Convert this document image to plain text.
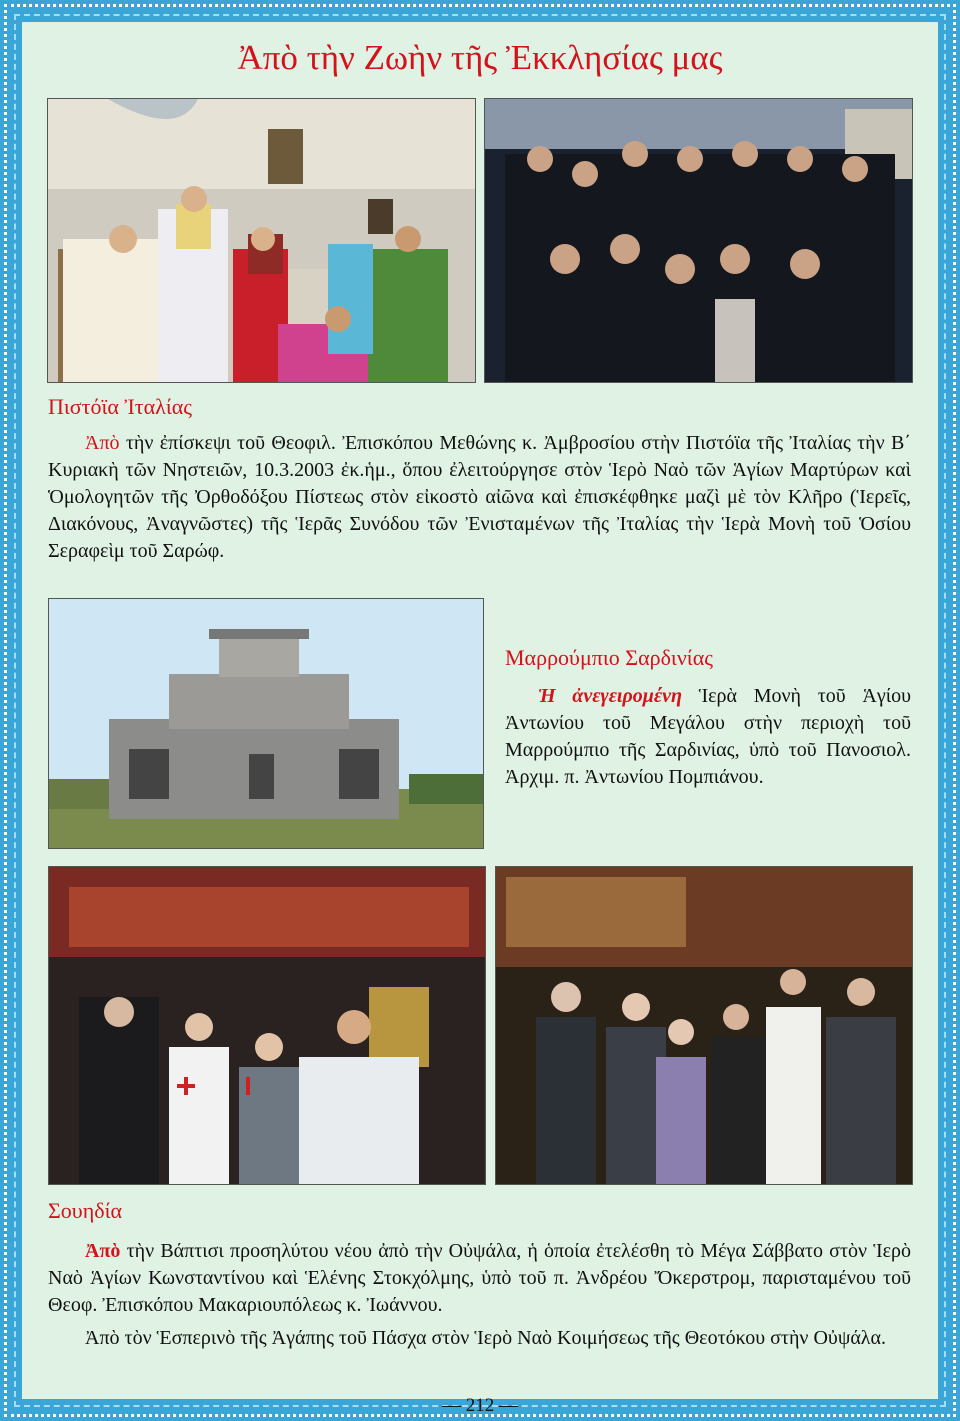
Ἀπὸ τὴν Ζωὴν τῆς Ἐκκλησίας μας
Πιστόϊα Ἰταλίας
Ἀπὸ τὴν ἐπίσκεψι τοῦ Θεοφιλ. Ἐπισκόπου Μεθώνης κ. Ἀμβροσίου στὴν Πιστόϊα τῆς Ἰταλίας τὴν Β΄ Κυριακὴ τῶν Νηστειῶν, 10.3.2003 ἐκ.ἡμ., ὅπου ἐλειτούργησε στὸν Ἱερὸ Ναὸ τῶν Ἁγίων Μαρτύρων καὶ Ὁμολογητῶν τῆς Ὀρθοδόξου Πίστεως στὸν εἰκοστὸ αἰῶνα καὶ ἐπισκέφθηκε μαζὶ μὲ τὸν Κλῆρο (Ἱερεῖς, Διακόνους, Ἀναγνῶστες) τῆς Ἱερᾶς Συνόδου τῶν Ἐνισταμένων τῆς Ἰταλίας τὴν Ἱερὰ Μονὴ τοῦ Ὁσίου Σεραφεὶμ τοῦ Σαρώφ.
Μαρρούμπιο Σαρδινίας
Ἡ ἀνεγειρομένη Ἱερὰ Μονὴ τοῦ Ἁγίου Ἀντωνίου τοῦ Μεγάλου στὴν περιοχὴ τοῦ Μαρρούμπιο τῆς Σαρδινίας, ὑπὸ τοῦ Πανοσιολ. Ἀρχιμ. π. Ἀντωνίου Πομπιάνου.
Σουηδία
Ἀπὸ τὴν Βάπτισι προσηλύτου νέου ἀπὸ τὴν Οὐψάλα, ἡ ὁποία ἐτελέσθη τὸ Μέγα Σάββατο στὸν Ἱερὸ Ναὸ Ἁγίων Κωνσταντίνου καὶ Ἑλένης Στοκχόλμης, ὑπὸ τοῦ π. Ἀνδρέου Ὄκερστρομ, παρισταμένου τοῦ Θεοφ. Ἐπισκόπου Μακαριουπόλεως κ. Ἰωάννου.
Ἀπὸ τὸν Ἑσπερινὸ τῆς Ἀγάπης τοῦ Πάσχα στὸν Ἱερὸ Ναὸ Κοιμήσεως τῆς Θεοτόκου στὴν Οὐψάλα.
— 212 —
